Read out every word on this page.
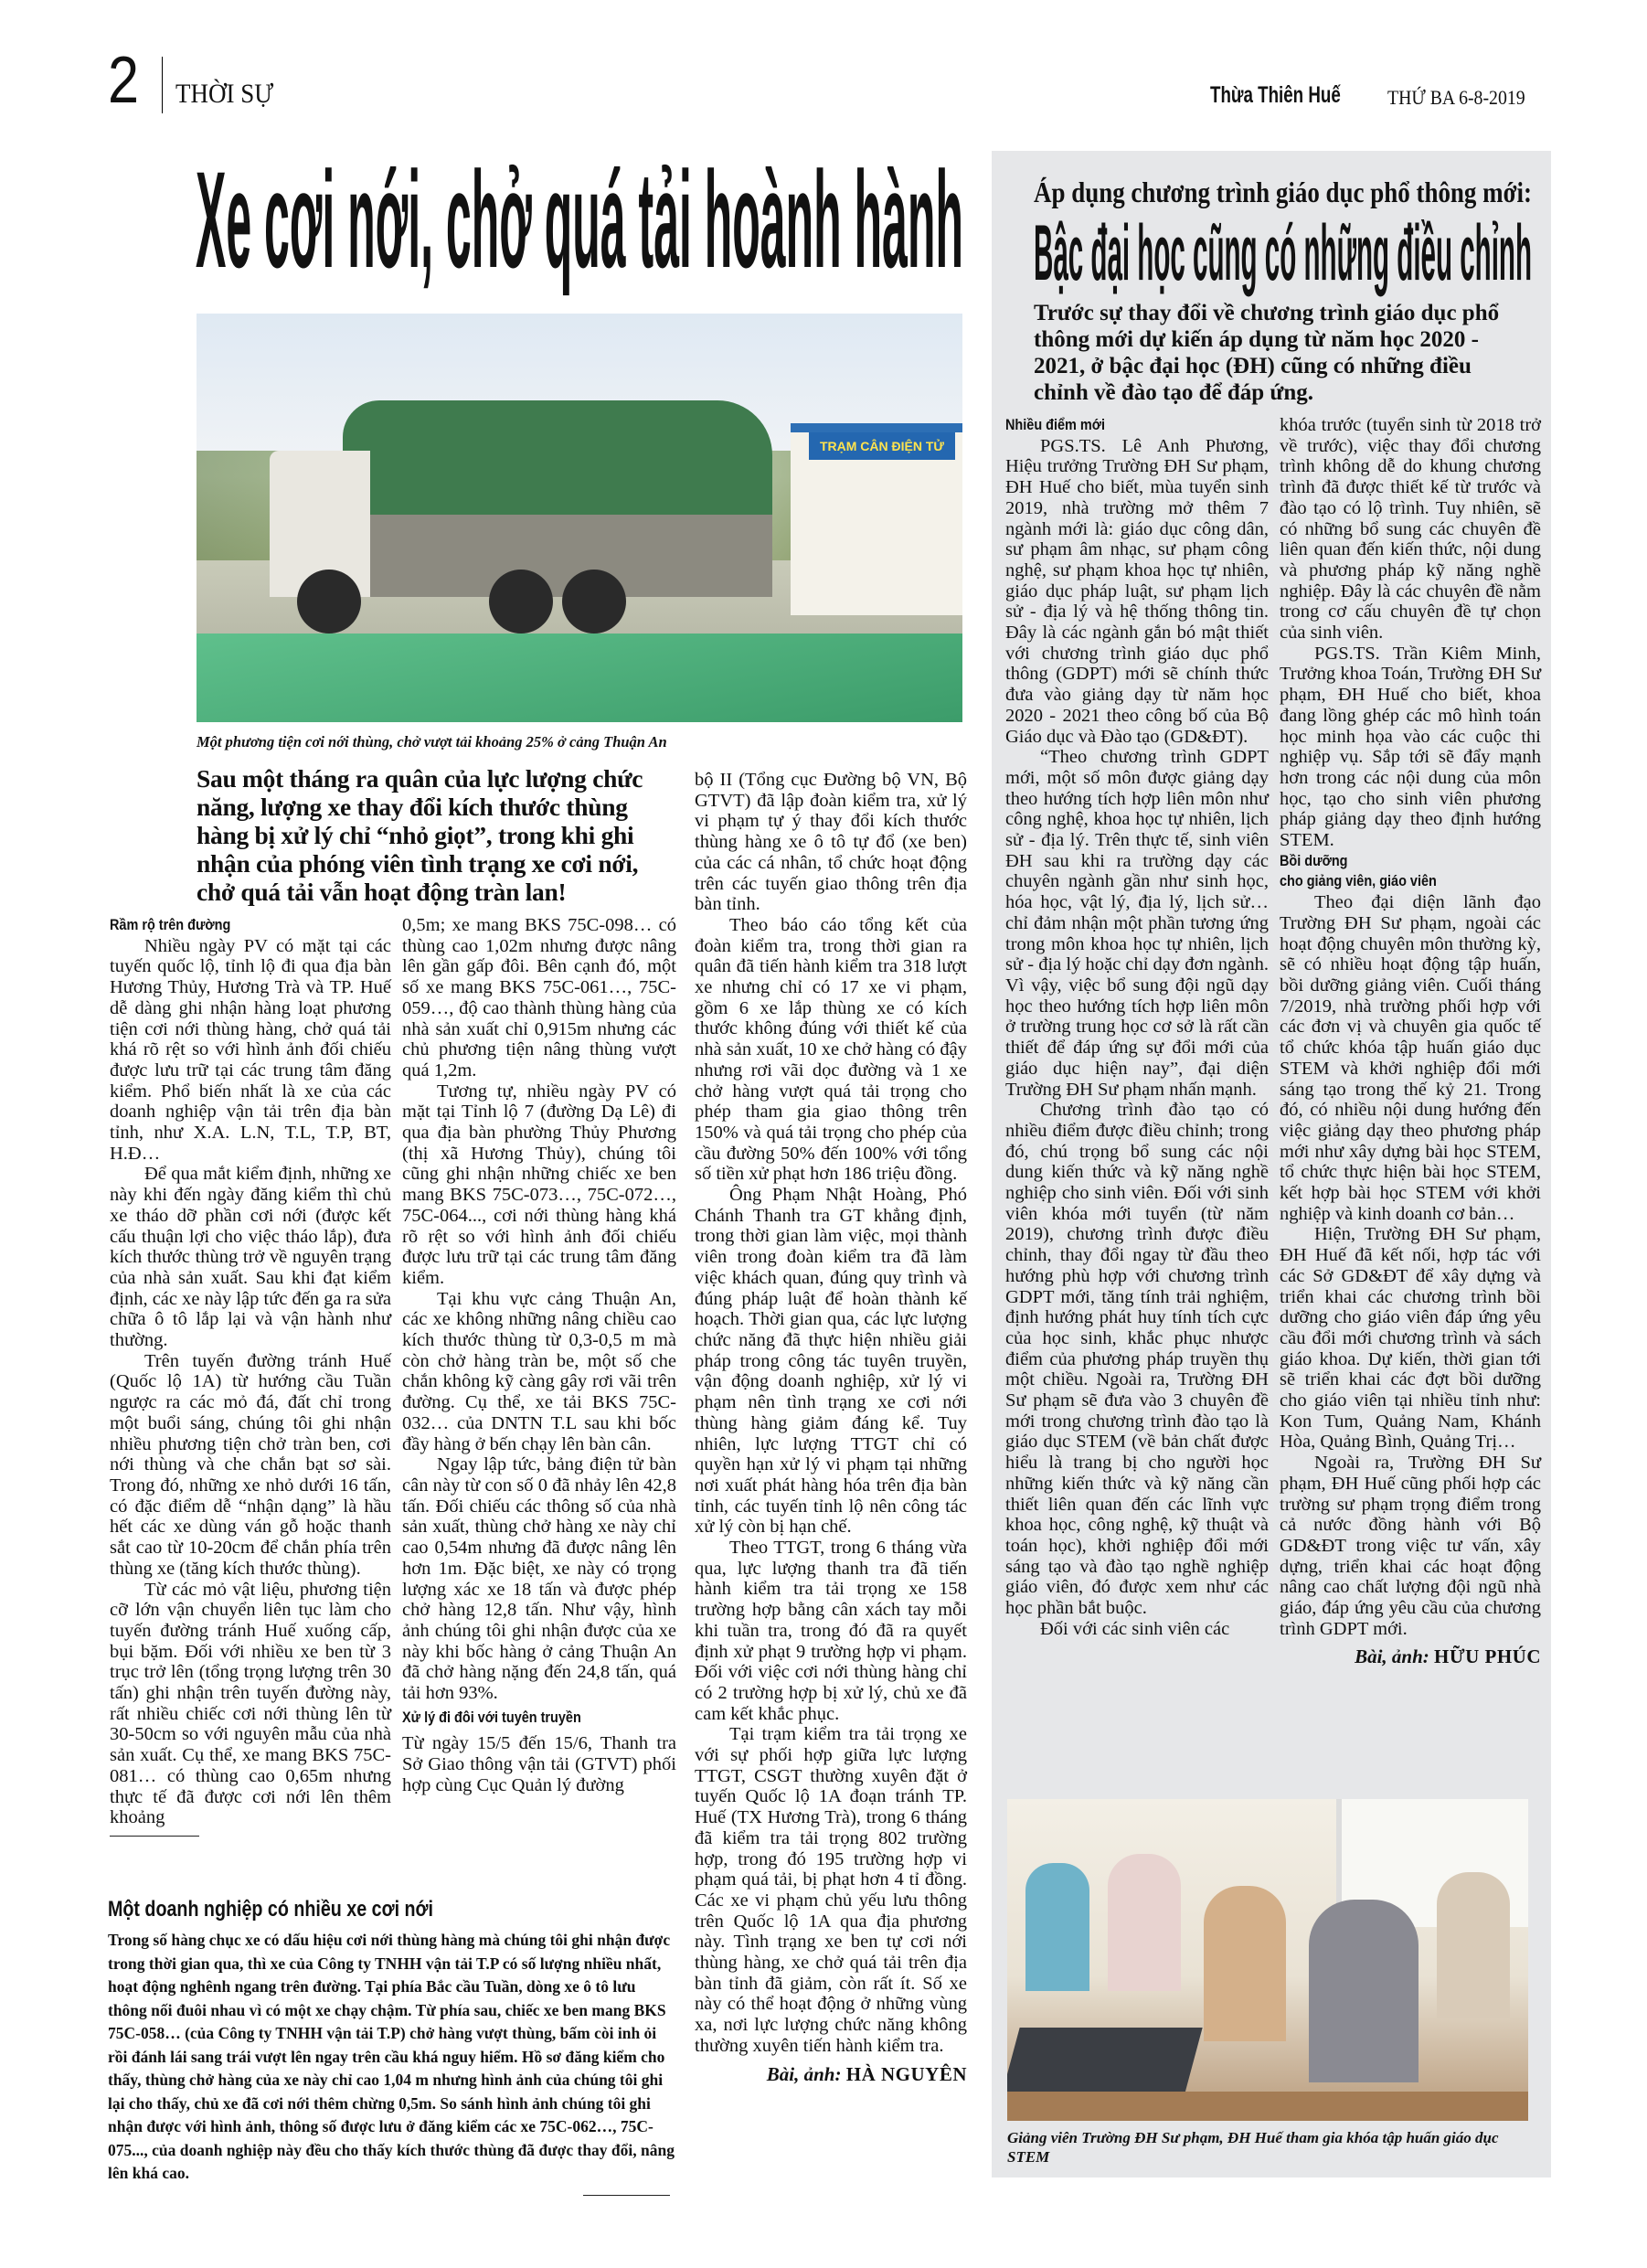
2 THỜI SỰ	Thừa Thiên Huế THỨ BA 6-8-2019
Xe cơi nới, chở quá tải hoành hành
TRẠM CÂN ĐIỆN TỬ
Một phương tiện cơi nới thùng, chở vượt tải khoảng 25% ở cảng Thuận An
Sau một tháng ra quân của lực lượng chức năng, lượng xe thay đổi kích thước thùng hàng bị xử lý chỉ “nhỏ giọt”, trong khi ghi nhận của phóng viên tình trạng xe cơi nới, chở quá tải vẫn hoạt động tràn lan!
Rầm rộ trên đường

Nhiều ngày PV có mặt tại các tuyến quốc lộ, tỉnh lộ đi qua địa bàn Hương Thủy, Hương Trà và TP. Huế dễ dàng ghi nhận hàng loạt phương tiện cơi nới thùng hàng, chở quá tải khá rõ rệt so với hình ảnh đối chiếu được lưu trữ tại các trung tâm đăng kiểm. Phổ biến nhất là xe của các doanh nghiệp vận tải trên địa bàn tỉnh, như X.A. L.N, T.L, T.P, BT, H.Đ…

Để qua mắt kiểm định, những xe này khi đến ngày đăng kiểm thì chủ xe tháo dỡ phần cơi nới (được kết cấu thuận lợi cho việc tháo lắp), đưa kích thước thùng trở về nguyên trạng của nhà sản xuất. Sau khi đạt kiểm định, các xe này lập tức đến ga ra sửa chữa ô tô lắp lại và vận hành như thường.

Trên tuyến đường tránh Huế (Quốc lộ 1A) từ hướng cầu Tuần ngược ra các mỏ đá, đất chỉ trong một buổi sáng, chúng tôi ghi nhận nhiều phương tiện chở tràn ben, cơi nới thùng và che chắn bạt sơ sài. Trong đó, những xe nhỏ dưới 16 tấn, có đặc điểm dễ “nhận dạng” là hầu hết các xe dùng ván gỗ hoặc thanh sắt cao từ 10-20cm để chắn phía trên thùng xe (tăng kích thước thùng).

Từ các mỏ vật liệu, phương tiện cỡ lớn vận chuyển liên tục làm cho tuyến đường tránh Huế xuống cấp, bụi bặm. Đối với nhiều xe ben từ 3 trục trở lên (tổng trọng lượng trên 30 tấn) ghi nhận trên tuyến đường này, rất nhiều chiếc cơi nới thùng lên từ 30-50cm so với nguyên mẫu của nhà sản xuất. Cụ thể, xe mang BKS 75C-081… có thùng cao 0,65m nhưng thực tế đã được cơi nới lên thêm khoảng

0,5m; xe mang BKS 75C-098… có thùng cao 1,02m nhưng được nâng lên gần gấp đôi. Bên cạnh đó, một số xe mang BKS 75C-061…, 75C-059…, độ cao thành thùng hàng của nhà sản xuất chỉ 0,915m nhưng các chủ phương tiện nâng thùng vượt quá 1,2m.

Tương tự, nhiều ngày PV có mặt tại Tỉnh lộ 7 (đường Dạ Lê) đi qua địa bàn phường Thủy Phương (thị xã Hương Thủy), chúng tôi cũng ghi nhận những chiếc xe ben mang BKS 75C-073…, 75C-072…, 75C-064..., cơi nới thùng hàng khá rõ rệt so với hình ảnh đối chiếu được lưu trữ tại các trung tâm đăng kiểm.

Tại khu vực cảng Thuận An, các xe không những nâng chiều cao kích thước thùng từ 0,3-0,5 m mà còn chở hàng tràn be, một số che chắn không kỹ càng gây rơi vãi trên đường. Cụ thể, xe tải BKS 75C-032… của DNTN T.L sau khi bốc đầy hàng ở bến chạy lên bàn cân.

Ngay lập tức, bảng điện tử bàn cân này từ con số 0 đã nhảy lên 42,8 tấn. Đối chiếu các thông số của nhà sản xuất, thùng chở hàng xe này chỉ cao 0,54m nhưng đã được nâng lên hơn 1m. Đặc biệt, xe này có trọng lượng xác xe 18 tấn và được phép chở hàng 12,8 tấn. Như vậy, hình ảnh chúng tôi ghi nhận được của xe này khi bốc hàng ở cảng Thuận An đã chở hàng nặng đến 24,8 tấn, quá tải hơn 93%.

Xử lý đi đôi với tuyên truyền

Từ ngày 15/5 đến 15/6, Thanh tra Sở Giao thông vận tải (GTVT) phối hợp cùng Cục Quản lý đường

bộ II (Tổng cục Đường bộ VN, Bộ GTVT) đã lập đoàn kiểm tra, xử lý vi phạm tự ý thay đổi kích thước thùng hàng xe ô tô tự đổ (xe ben) của các cá nhân, tổ chức hoạt động trên các tuyến giao thông trên địa bàn tỉnh.

Theo báo cáo tổng kết của đoàn kiểm tra, trong thời gian ra quân đã tiến hành kiểm tra 318 lượt xe nhưng chỉ có 17 xe vi phạm, gồm 6 xe lắp thùng xe có kích thước không đúng với thiết kế của nhà sản xuất, 10 xe chở hàng có đậy nhưng rơi vãi dọc đường và 1 xe chở hàng vượt quá tải trọng cho phép tham gia giao thông trên 150% và quá tải trọng cho phép của cầu đường 50% đến 100% với tổng số tiền xử phạt hơn 186 triệu đồng.

Ông Phạm Nhật Hoàng, Phó Chánh Thanh tra GT khẳng định, trong thời gian làm việc, mọi thành viên trong đoàn kiểm tra đã làm việc khách quan, đúng quy trình và đúng pháp luật để hoàn thành kế hoạch. Thời gian qua, các lực lượng chức năng đã thực hiện nhiều giải pháp trong công tác tuyên truyền, vận động doanh nghiệp, xử lý vi phạm nên tình trạng xe cơi nới thùng hàng giảm đáng kể. Tuy nhiên, lực lượng TTGT chỉ có quyền hạn xử lý vi phạm tại những nơi xuất phát hàng hóa trên địa bàn tỉnh, các tuyến tỉnh lộ nên công tác xử lý còn bị hạn chế.

Theo TTGT, trong 6 tháng vừa qua, lực lượng thanh tra đã tiến hành kiểm tra tải trọng xe 158 trường hợp bằng cân xách tay mỗi khi tuần tra, trong đó đã ra quyết định xử phạt 9 trường hợp vi phạm. Đối với việc cơi nới thùng hàng chỉ có 2 trường hợp bị xử lý, chủ xe đã cam kết khắc phục.

Tại trạm kiểm tra tải trọng xe với sự phối hợp giữa lực lượng TTGT, CSGT thường xuyên đặt ở tuyến Quốc lộ 1A đoạn tránh TP. Huế (TX Hương Trà), trong 6 tháng đã kiểm tra tải trọng 802 trường hợp, trong đó 195 trường hợp vi phạm quá tải, bị phạt hơn 4 tỉ đồng. Các xe vi phạm chủ yếu lưu thông trên Quốc lộ 1A qua địa phương này. Tình trạng xe ben tự cơi nới thùng hàng, xe chở quá tải trên địa bàn tỉnh đã giảm, còn rất ít. Số xe này có thể hoạt động ở những vùng xa, nơi lực lượng chức năng không thường xuyên tiến hành kiểm tra.

Bài, ảnh: HÀ NGUYÊN
Một doanh nghiệp có nhiều xe cơi nới
Trong số hàng chục xe có dấu hiệu cơi nới thùng hàng mà chúng tôi ghi nhận được trong thời gian qua, thì xe của Công ty TNHH vận tải T.P có số lượng nhiều nhất, hoạt động nghênh ngang trên đường. Tại phía Bắc cầu Tuần, dòng xe ô tô lưu thông nối đuôi nhau vì có một xe chạy chậm. Từ phía sau, chiếc xe ben mang BKS 75C-058… (của Công ty TNHH vận tải T.P) chở hàng vượt thùng, bấm còi inh ỏi rồi đánh lái sang trái vượt lên ngay trên cầu khá nguy hiểm. Hồ sơ đăng kiểm cho thấy, thùng chở hàng của xe này chỉ cao 1,04 m nhưng hình ảnh của chúng tôi ghi lại cho thấy, chủ xe đã cơi nới thêm chừng 0,5m. So sánh hình ảnh chúng tôi ghi nhận được với hình ảnh, thông số được lưu ở đăng kiểm các xe 75C-062…, 75C-075..., của doanh nghiệp này đều cho thấy kích thước thùng đã được thay đổi, nâng lên khá cao.
Áp dụng chương trình giáo dục phổ thông mới:
Bậc đại học cũng có những điều chỉnh
Trước sự thay đổi về chương trình giáo dục phổ thông mới dự kiến áp dụng từ năm học 2020 - 2021, ở bậc đại học (ĐH) cũng có những điều chỉnh về đào tạo để đáp ứng.
Nhiều điểm mới

PGS.TS. Lê Anh Phương, Hiệu trưởng Trường ĐH Sư phạm, ĐH Huế cho biết, mùa tuyển sinh 2019, nhà trường mở thêm 7 ngành mới là: giáo dục công dân, sư phạm âm nhạc, sư phạm công nghệ, sư phạm khoa học tự nhiên, giáo dục pháp luật, sư phạm lịch sử - địa lý và hệ thống thông tin. Đây là các ngành gắn bó mật thiết với chương trình giáo dục phổ thông (GDPT) mới sẽ chính thức đưa vào giảng dạy từ năm học 2020 - 2021 theo công bố của Bộ Giáo dục và Đào tạo (GD&ĐT).

“Theo chương trình GDPT mới, một số môn được giảng dạy theo hướng tích hợp liên môn như công nghệ, khoa học tự nhiên, lịch sử - địa lý. Trên thực tế, sinh viên ĐH sau khi ra trường dạy các chuyên ngành gần như sinh học, hóa học, vật lý, địa lý, lịch sử… chỉ đảm nhận một phần tương ứng trong môn khoa học tự nhiên, lịch sử - địa lý hoặc chỉ dạy đơn ngành. Vì vậy, việc bổ sung đội ngũ dạy học theo hướng tích hợp liên môn ở trường trung học cơ sở là rất cần thiết để đáp ứng sự đổi mới của giáo dục hiện nay”, đại diện Trường ĐH Sư phạm nhấn mạnh.

Chương trình đào tạo có nhiều điểm được điều chỉnh; trong đó, chú trọng bổ sung các nội dung kiến thức và kỹ năng nghề nghiệp cho sinh viên. Đối với sinh viên khóa mới tuyển (từ năm 2019), chương trình được điều chỉnh, thay đổi ngay từ đầu theo hướng phù hợp với chương trình GDPT mới, tăng tính trải nghiệm, định hướng phát huy tính tích cực của học sinh, khắc phục nhược điểm của phương pháp truyền thụ một chiều. Ngoài ra, Trường ĐH Sư phạm sẽ đưa vào 3 chuyên đề mới trong chương trình đào tạo là giáo dục STEM (về bản chất được hiểu là trang bị cho người học những kiến thức và kỹ năng cần thiết liên quan đến các lĩnh vực khoa học, công nghệ, kỹ thuật và toán học), khởi nghiệp đổi mới sáng tạo và đào tạo nghề nghiệp giáo viên, đó được xem như các học phần bắt buộc.

Đối với các sinh viên các

khóa trước (tuyển sinh từ 2018 trở về trước), việc thay đổi chương trình không dễ do khung chương trình đã được thiết kế từ trước và đào tạo có lộ trình. Tuy nhiên, sẽ có những bổ sung các chuyên đề liên quan đến kiến thức, nội dung và phương pháp kỹ năng nghề nghiệp. Đây là các chuyên đề nằm trong cơ cấu chuyên đề tự chọn của sinh viên.

PGS.TS. Trần Kiêm Minh, Trưởng khoa Toán, Trường ĐH Sư phạm, ĐH Huế cho biết, khoa đang lồng ghép các mô hình toán học minh họa vào các cuộc thi nghiệp vụ. Sắp tới sẽ đẩy mạnh hơn trong các nội dung của môn học, tạo cho sinh viên phương pháp giảng dạy theo định hướng STEM.

Bồi dưỡng
cho giảng viên, giáo viên

Theo đại diện lãnh đạo Trường ĐH Sư phạm, ngoài các hoạt động chuyên môn thường kỳ, sẽ có nhiều hoạt động tập huấn, bồi dưỡng giảng viên. Cuối tháng 7/2019, nhà trường phối hợp với các đơn vị và chuyên gia quốc tế tổ chức khóa tập huấn giáo dục STEM và khởi nghiệp đổi mới sáng tạo trong thế kỷ 21. Trong đó, có nhiều nội dung hướng đến việc giảng dạy theo phương pháp mới như xây dựng bài học STEM, tổ chức thực hiện bài học STEM, kết hợp bài học STEM với khởi nghiệp và kinh doanh cơ bản…

Hiện, Trường ĐH Sư phạm, ĐH Huế đã kết nối, hợp tác với các Sở GD&ĐT để xây dựng và triển khai các chương trình bồi dưỡng cho giáo viên đáp ứng yêu cầu đổi mới chương trình và sách giáo khoa. Dự kiến, thời gian tới sẽ triển khai các đợt bồi dưỡng cho giáo viên tại nhiều tỉnh như: Kon Tum, Quảng Nam, Khánh Hòa, Quảng Bình, Quảng Trị…

Ngoài ra, Trường ĐH Sư phạm, ĐH Huế cũng phối hợp các trường sư phạm trọng điểm trong cả nước đồng hành với Bộ GD&ĐT trong việc tư vấn, xây dựng, triển khai các hoạt động nâng cao chất lượng đội ngũ nhà giáo, đáp ứng yêu cầu của chương trình GDPT mới.

Bài, ảnh: HỮU PHÚC
Giảng viên Trường ĐH Sư phạm, ĐH Huế tham gia khóa tập huấn giáo dục STEM
